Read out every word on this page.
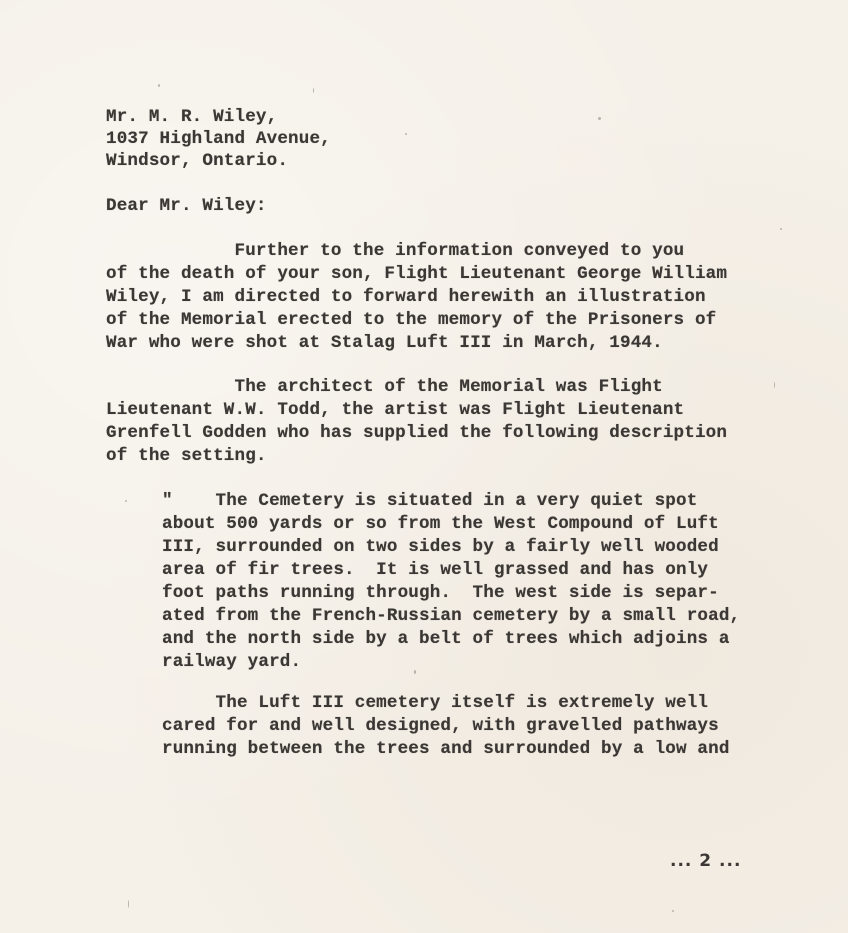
Mr. M. R. Wiley,
1037 Highland Avenue,
Windsor, Ontario.
Dear Mr. Wiley:
Further to the information conveyed to you
of the death of your son, Flight Lieutenant George William
Wiley, I am directed to forward herewith an illustration
of the Memorial erected to the memory of the Prisoners of
War who were shot at Stalag Luft III in March, 1944.
The architect of the Memorial was Flight
Lieutenant W.W. Todd, the artist was Flight Lieutenant
Grenfell Godden who has supplied the following description
of the setting.
"    The Cemetery is situated in a very quiet spot
about 500 yards or so from the West Compound of Luft
III, surrounded on two sides by a fairly well wooded
area of fir trees.  It is well grassed and has only
foot paths running through.  The west side is separ-
ated from the French-Russian cemetery by a small road,
and the north side by a belt of trees which adjoins a
railway yard.
The Luft III cemetery itself is extremely well
cared for and well designed, with gravelled pathways
running between the trees and surrounded by a low and
... 2 ...
